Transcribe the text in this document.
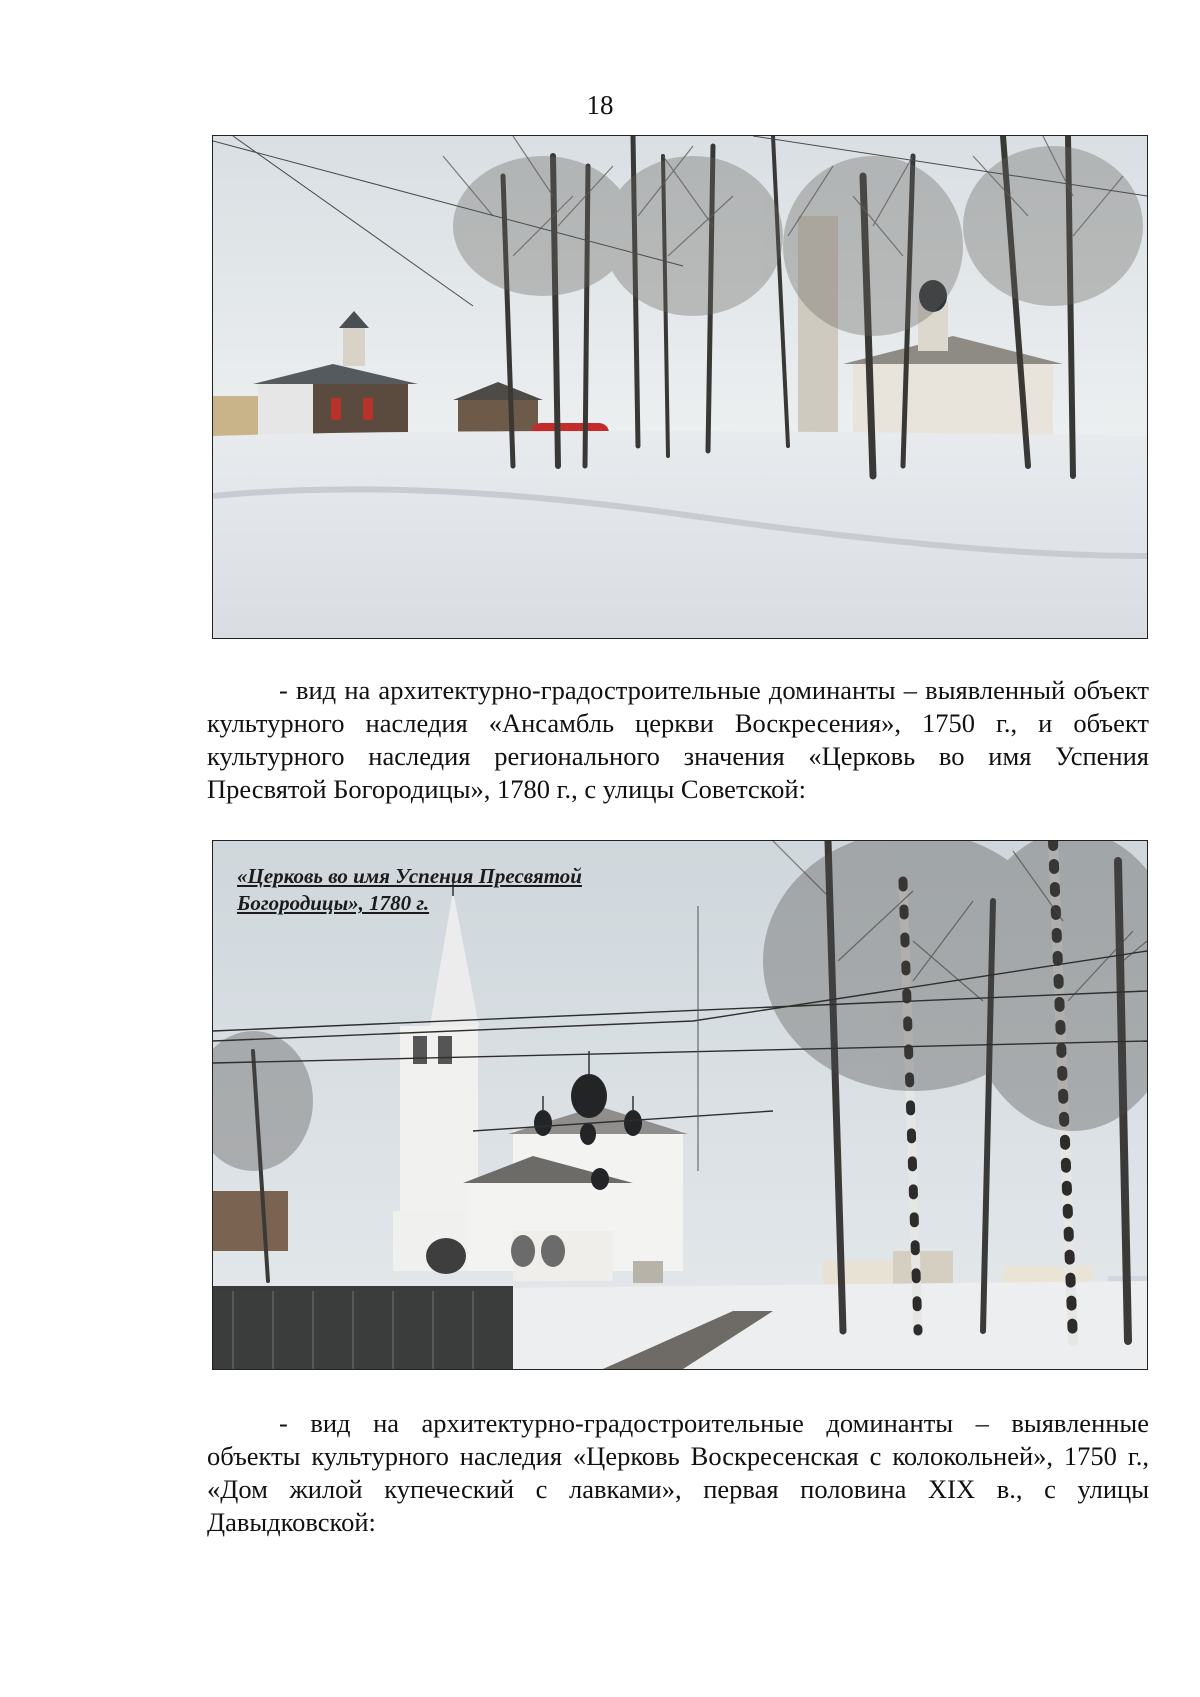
18

- вид на архитектурно-градостроительные доминанты – выявленный объект культурного наследия «Ансамбль церкви Воскресения», 1750 г., и объект культурного наследия регионального значения «Церковь во имя Успения Пресвятой Богородицы», 1780 г., с улицы Советской:

«Церковь во имя Успения Пресвятой Богородицы», 1780 г.

- вид на архитектурно-градостроительные доминанты – выявленные объекты культурного наследия «Церковь Воскресенская с колокольней», 1750 г., «Дом жилой купеческий с лавками», первая половина XIX в., с улицы Давыдковской:
